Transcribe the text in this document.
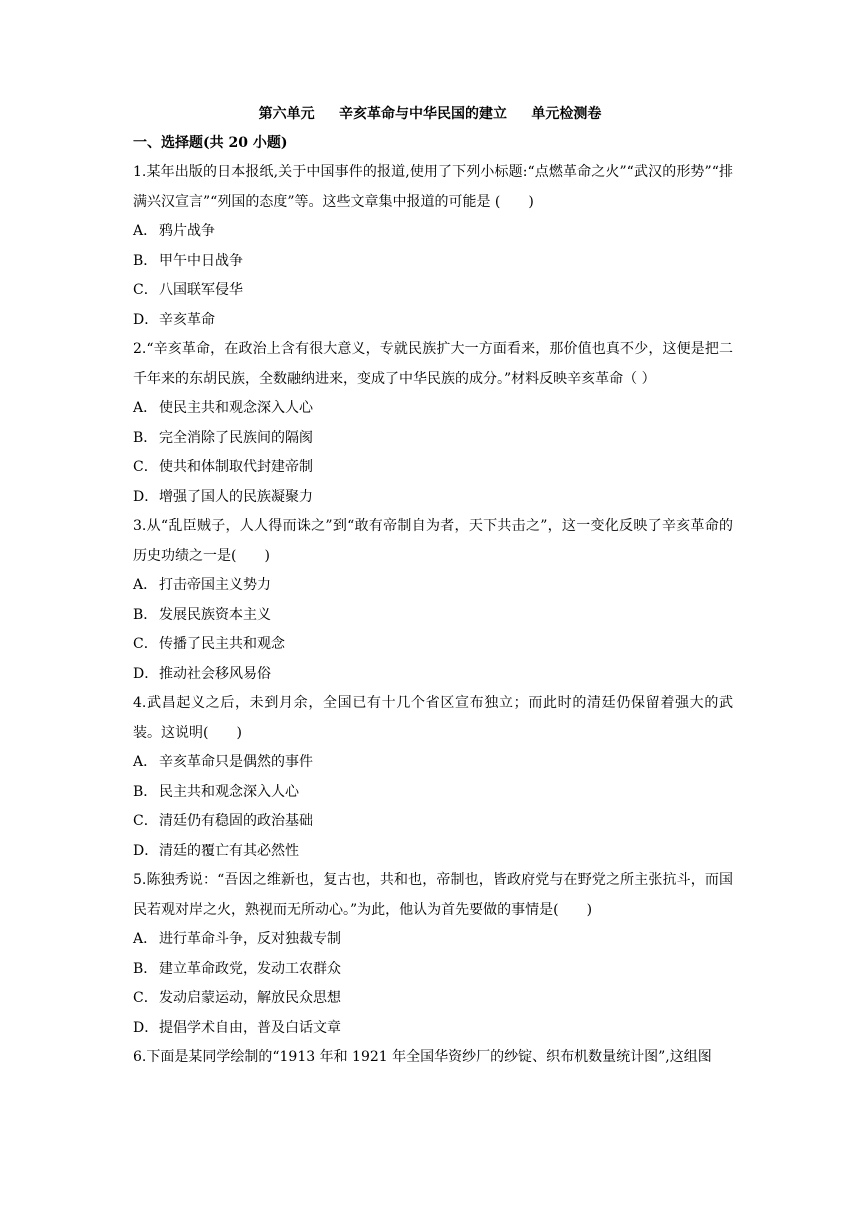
第六单元     辛亥革命与中华民国的建立     单元检测卷
一、选择题(共 20 小题)

1.某年出版的日本报纸,关于中国事件的报道,使用了下列小标题:“点燃革命之火”“武汉的形势”“排满兴汉宣言”“列国的态度”等。这些文章集中报道的可能是 (　　)

A． 鸦片战争

B． 甲午中日战争

C．八国联军侵华

D．辛亥革命

2.“辛亥革命，在政治上含有很大意义，专就民族扩大一方面看来，那价值也真不少，这便是把二千年来的东胡民族，全数融纳进来，变成了中华民族的成分。”材料反映辛亥革命（ ）

A． 使民主共和观念深入人心

B． 完全消除了民族间的隔阂

C．使共和体制取代封建帝制

D．增强了国人的民族凝聚力

3.从“乱臣贼子，人人得而诛之”到“敢有帝制自为者，天下共击之”，这一变化反映了辛亥革命的历史功绩之一是(　　)

A． 打击帝国主义势力

B． 发展民族资本主义

C．传播了民主共和观念

D．推动社会移风易俗

4.武昌起义之后，未到月余，全国已有十几个省区宣布独立；而此时的清廷仍保留着强大的武装。这说明(　　)

A． 辛亥革命只是偶然的事件

B． 民主共和观念深入人心

C．清廷仍有稳固的政治基础

D．清廷的覆亡有其必然性

5.陈独秀说：“吾因之维新也，复古也，共和也，帝制也，皆政府党与在野党之所主张抗斗，而国民若观对岸之火，熟视而无所动心。”为此，他认为首先要做的事情是(　　)

A． 进行革命斗争，反对独裁专制

B． 建立革命政党，发动工农群众

C．发动启蒙运动，解放民众思想

D．提倡学术自由，普及白话文章

6.下面是某同学绘制的“1913 年和 1921 年全国华资纱厂的纱锭、织布机数量统计图”,这组图
